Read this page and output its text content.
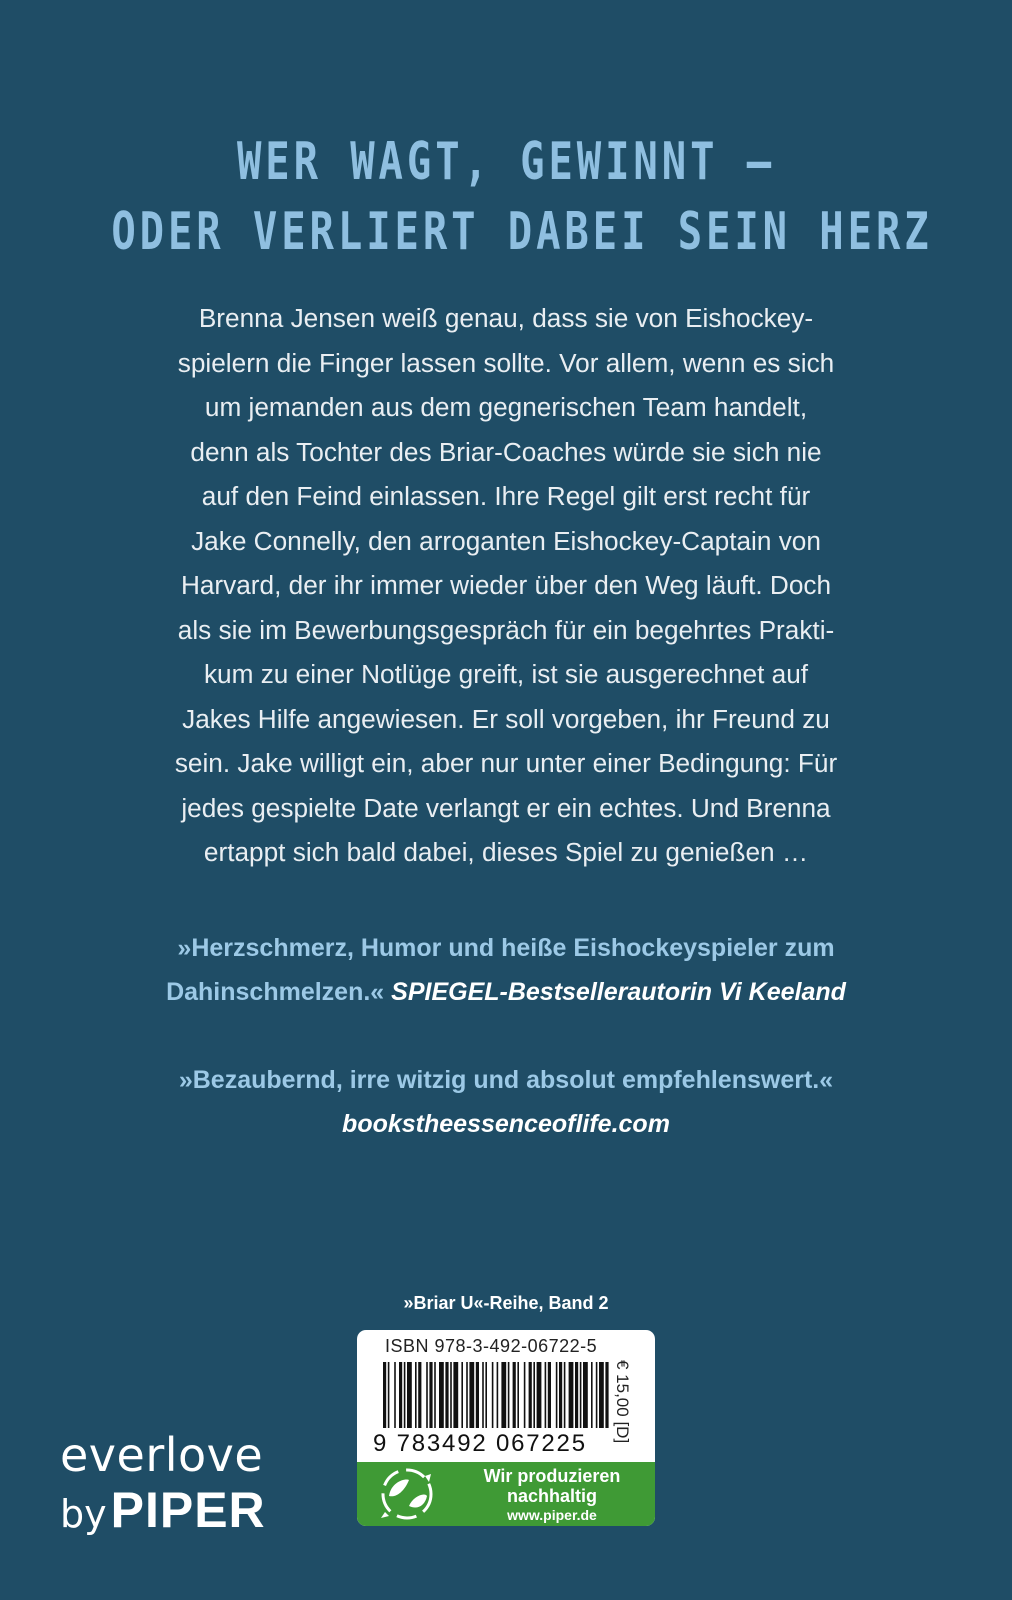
WER WAGT, GEWINNT –
ODER VERLIERT DABEI SEIN HERZ
Brenna Jensen weiß genau, dass sie von Eishockey-
spielern die Finger lassen sollte. Vor allem, wenn es sich
um jemanden aus dem gegnerischen Team handelt,
denn als Tochter des Briar-Coaches würde sie sich nie
auf den Feind einlassen. Ihre Regel gilt erst recht für
Jake Connelly, den arroganten Eishockey-Captain von
Harvard, der ihr immer wieder über den Weg läuft. Doch
als sie im Bewerbungsgespräch für ein begehrtes Prakti-
kum zu einer Notlüge greift, ist sie ausgerechnet auf
Jakes Hilfe angewiesen. Er soll vorgeben, ihr Freund zu
sein. Jake willigt ein, aber nur unter einer Bedingung: Für
jedes gespielte Date verlangt er ein echtes. Und Brenna
ertappt sich bald dabei, dieses Spiel zu genießen …
»Herzschmerz, Humor und heiße Eishockeyspieler zum
Dahinschmelzen.« SPIEGEL-Bestsellerautorin Vi Keeland
»Bezaubernd, irre witzig und absolut empfehlenswert.«
bookstheessenceoflife.com
»Briar U«-Reihe, Band 2
ISBN 978-3-492-06722-5
9 783492 067225
€ 15,00 [D]
Wir produzieren
nachhaltig
www.piper.de
everlove
byPIPER
